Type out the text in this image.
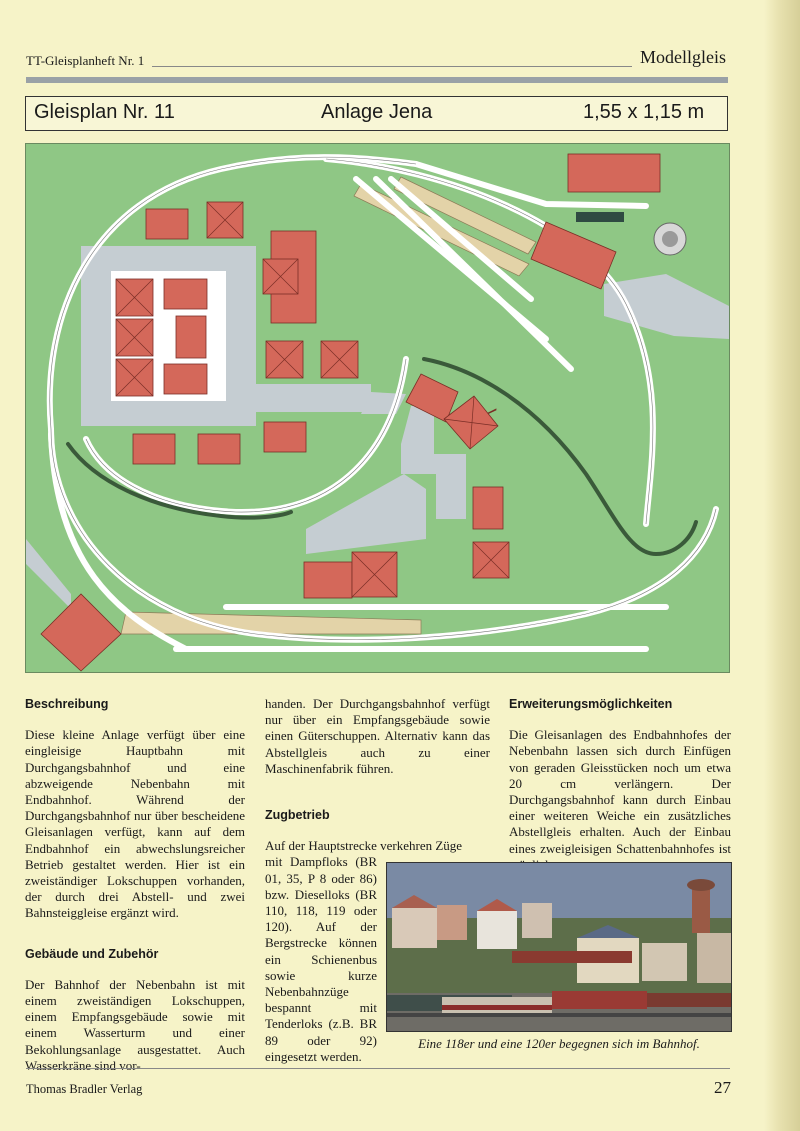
TT-Gleisplanheft Nr. 1	Modellgleis
Gleisplan Nr. 11	Anlage Jena	1,55 x 1,15 m
Beschreibung

Diese kleine Anlage verfügt über eine eingleisige Hauptbahn mit Durchgangsbahnhof und eine abzweigende Nebenbahn mit Endbahnhof. Während der Durchgangsbahnhof nur über bescheidene Gleisanlagen verfügt, kann auf dem Endbahnhof ein abwechslungsreicher Betrieb gestaltet werden. Hier ist ein zweiständiger Lokschuppen vorhanden, der durch drei Abstell- und zwei Bahnsteiggleise ergänzt wird.

Gebäude und Zubehör

Der Bahnhof der Nebenbahn ist mit einem zweiständigen Lokschuppen, einem Empfangsgebäude sowie mit einem Wasserturm und einer Bekohlungsanlage ausgestattet. Auch Wasserkräne sind vor-

handen. Der Durchgangsbahnhof verfügt nur über ein Empfangsgebäude sowie einen Güterschuppen. Alternativ kann das Abstellgleis auch zu einer Maschinenfabrik führen.

Zugbetrieb

Auf der Hauptstrecke verkehren Züge

mit Dampfloks (BR 01, 35, P 8 oder 86) bzw. Dieselloks (BR 110, 118, 119 oder 120). Auf der Bergstrecke können ein Schienenbus sowie kurze Nebenbahnzüge bespannt mit Tenderloks (z.B. BR 89 oder 92) eingesetzt werden.

Erweiterungsmöglichkeiten

Die Gleisanlagen des Endbahnhofes der Nebenbahn lassen sich durch Einfügen von geraden Gleisstücken noch um etwa 20 cm verlängern. Der Durchgangsbahnhof kann durch Einbau einer weiteren Weiche ein zusätzliches Abstellgleis erhalten. Auch der Einbau eines zweigleisigen Schattenbahnhofes ist

Eine 118er und eine 120er begegnen sich im Bahnhof.
Thomas Bradler Verlag	27
